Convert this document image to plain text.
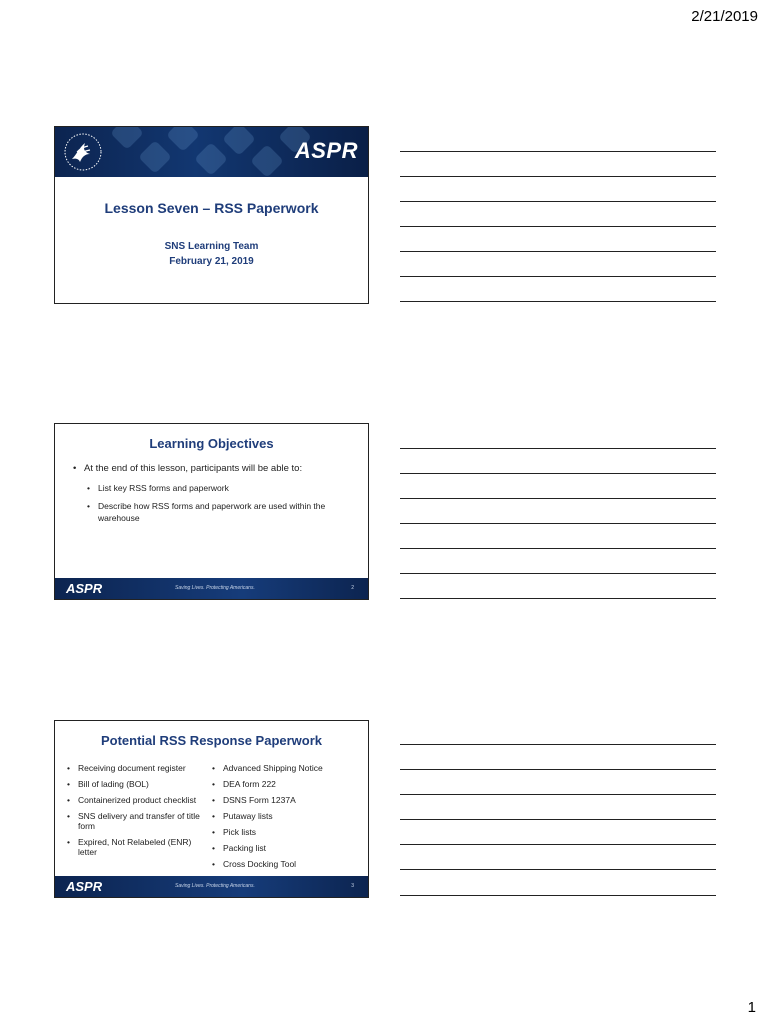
2/21/2019
ASPR
Lesson Seven – RSS Paperwork
SNS Learning Team
February 21, 2019
Learning Objectives
• At the end of this lesson, participants will be able to:
• List key RSS forms and paperwork
• Describe how RSS forms and paperwork are used within the warehouse
ASPR	Saving Lives. Protecting Americans.	2
Potential RSS Response Paperwork
• Receiving document register
• Bill of lading (BOL)
• Containerized product checklist
• SNS delivery and transfer of title form
• Expired, Not Relabeled (ENR) letter
• Advanced Shipping Notice
• DEA form 222
• DSNS Form 1237A
• Putaway lists
• Pick lists
• Packing list
• Cross Docking Tool
ASPR	Saving Lives. Protecting Americans.	3
1
